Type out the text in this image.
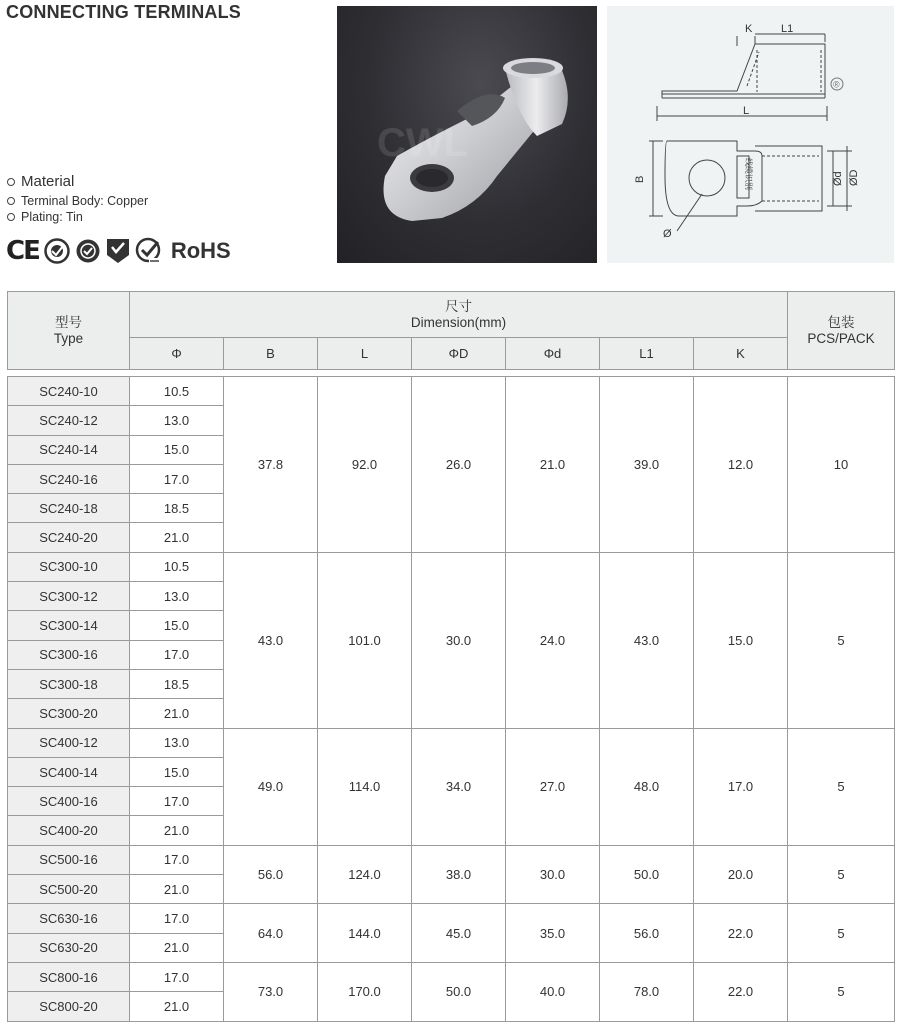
CONNECTING TERMINALS
Material
Terminal Body: Copper
Plating: Tin
CE	RoHS
CWL
K	L1
L
B	Ød ØD
Ø
线缆识别
®
型号
Type	尺寸
Dimension(mm)							包装
PCS/PACK

	Φ	B	L	ΦD	Φd	L1	K	

SC240-10	10.5	37.8	92.0	26.0	21.0	39.0	12.0	10
SC240-12	13.0							
SC240-14	15.0							
SC240-16	17.0							
SC240-18	18.5							
SC240-20	21.0							
SC300-10	10.5	43.0	101.0	30.0	24.0	43.0	15.0	5
SC300-12	13.0							
SC300-14	15.0							
SC300-16	17.0							
SC300-18	18.5							
SC300-20	21.0							
SC400-12	13.0	49.0	114.0	34.0	27.0	48.0	17.0	5
SC400-14	15.0							
SC400-16	17.0							
SC400-20	21.0							
SC500-16	17.0	56.0	124.0	38.0	30.0	50.0	20.0	5
SC500-20	21.0							
SC630-16	17.0	64.0	144.0	45.0	35.0	56.0	22.0	5
SC630-20	21.0							
SC800-16	17.0	73.0	170.0	50.0	40.0	78.0	22.0	5
SC800-20	21.0							
